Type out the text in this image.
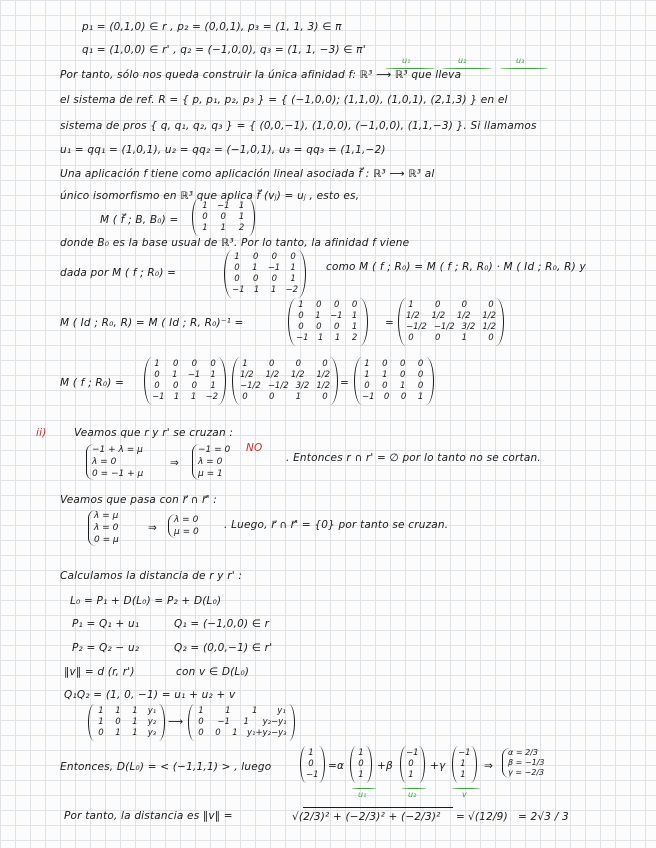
p₁ = (0,1,0) ∈ r , p₂ = (0,0,1), p₃ = (1, 1, 3) ∈ π
q₁ = (1,0,0) ∈ r' , q₂ = (−1,0,0), q₃ = (1, 1, −3) ∈ π'
u₁	u₂	u₃
Por tanto, sólo nos queda construir la única afinidad f: ℝ³ ⟶ ℝ³ que lleva
el sistema de ref. R = { p, p₁, p₂, p₃ } = { (−1,0,0); (1,1,0), (1,0,1), (2,1,3) } en el
sistema de pros { q, q₁, q₂, q₃ } = { (0,0,−1), (1,0,0), (−1,0,0), (1,1,−3) }. Si llamamos
u₁ = qq₁ = (1,0,1), u₂ = qq₂ = (−1,0,1), u₃ = qq₃ = (1,1,−2)
Una aplicación f tiene como aplicación lineal asociada f⃗ : ℝ³ ⟶ ℝ³ al
único isomorfismo en ℝ³ que aplica f⃗ (vⱼ) = uⱼ , esto es,
M ( f⃗ ; B, B₀) =
1 −1 1
0 0 1
1 1 2
donde B₀ es la base usual de ℝ³. Por lo tanto, la afinidad f viene
dada por M ( f ; R₀) =
1 0 0 0
0 1 −1 1
0 0 0 1
−1 1 1 −2
como M ( f ; R₀) = M ( f ; R, R₀) · M ( Id ; R₀, R) y
M ( Id ; R₀, R) = M ( Id ; R, R₀)⁻¹ =
1 0 0 0
0 1 −1 1
0 0 0 1
−1 1 1 2
=
1 0 0 0
1/2 1/2 1/2 1/2
−1/2 −1/2 3/2 1/2
0 0 1 0
M ( f ; R₀) =
1 0 0 0
0 1 −1 1
0 0 0 1
−1 1 1 −2
1 0 0 0
1/2 1/2 1/2 1/2
−1/2 −1/2 3/2 1/2
0 0 1 0
=
1 0 0 0
1 1 0 0
0 0 1 0
−1 0 0 1
ii)	Veamos que r y r' se cruzan :
−1 + λ = μ
λ = 0
0 = −1 + μ
⇒
−1 = 0
λ = 0
μ = 1
NO
. Entonces r ∩ r' = ∅ por lo tanto no se cortan.
Veamos que pasa con r⃗ ∩ r⃗' :
λ = μ
λ = 0
0 = μ
⇒
λ = 0
μ = 0
. Luego, r⃗ ∩ r⃗' = {0} por tanto se cruzan.
Calculamos la distancia de r y r' :
L₀ = P₁ + D(L₀) = P₂ + D(L₀)
P₁ = Q₁ + u₁	Q₁ = (−1,0,0) ∈ r
P₂ = Q₂ − u₂	Q₂ = (0,0,−1) ∈ r'
‖v‖ = d (r, r')	con v ∈ D(L₀)
Q₁Q₂ = (1, 0, −1) = u₁ + u₂ + v
1 1 1 y₁
1 0 1 y₂
0 1 1 y₃
⟶
1	1	1 y₁
0 −1 1 y₂−y₁
0 0 1 y₁+y₂−y₃
Entonces, D(L₀) = < (−1,1,1) > , luego
1
0
−1
=α
1
0
1
+β
−1
0
1
+γ
−1
1
1
⇒
α = 2/3
β = −1/3
γ = −2/3
u₁	u₂	v
Por tanto, la distancia es ‖v‖ =	√(2/3)² + (−2/3)² + (−2/3)² = √(12/9) = 2√3 / 3
